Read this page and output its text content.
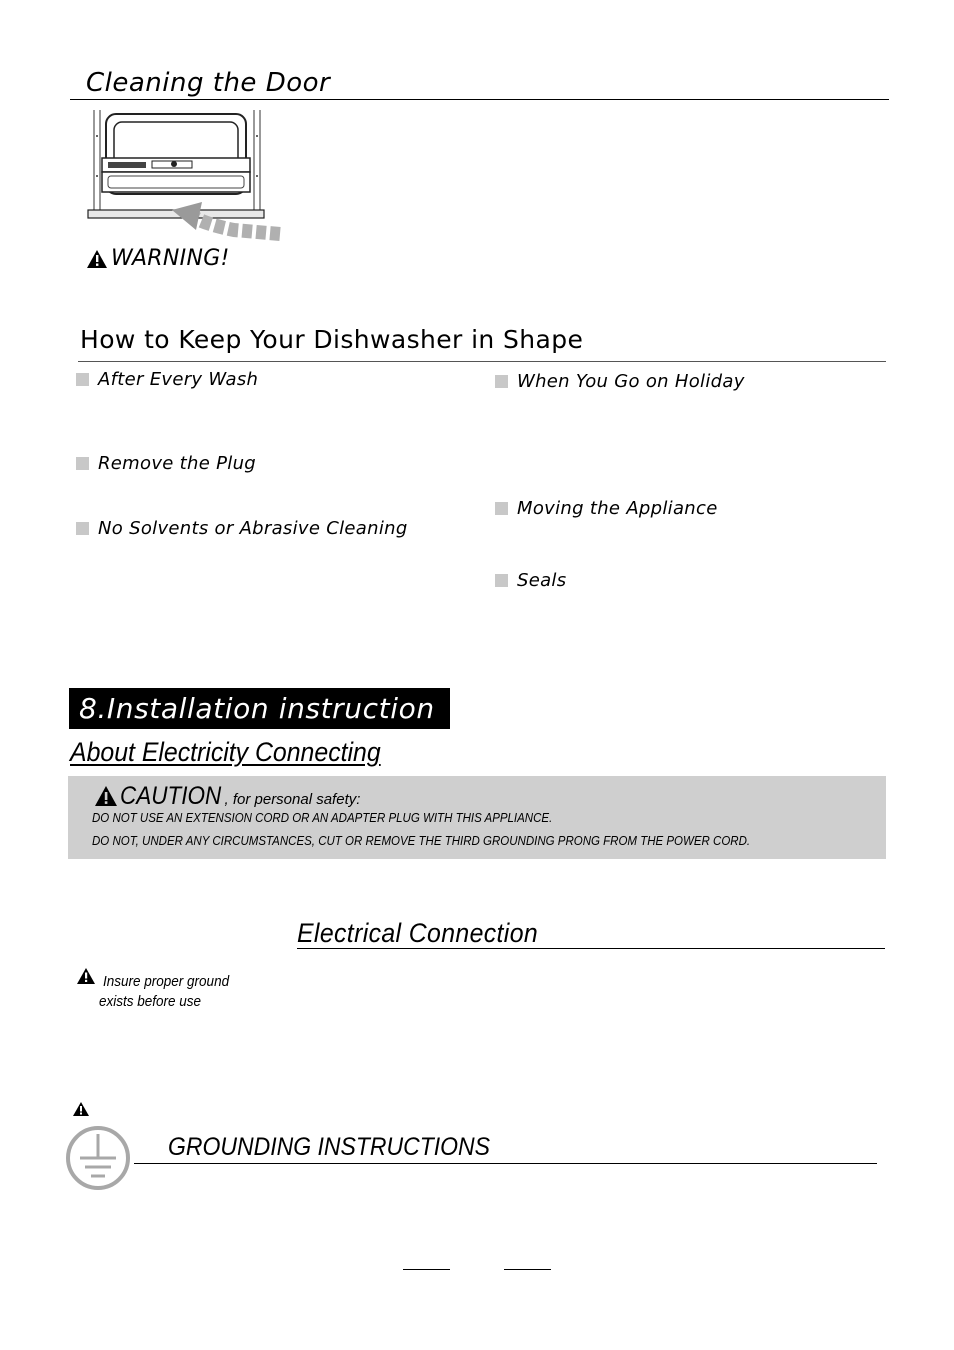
Cleaning the Door
WARNING!
How to Keep Your Dishwasher in Shape
After Every Wash
Remove the Plug
No Solvents or Abrasive Cleaning
When You Go on Holiday
Moving the Appliance
Seals
8.Installation instruction
About Electricity Connecting
CAUTION , for personal safety:
DO NOT USE AN EXTENSION CORD OR AN ADAPTER PLUG WITH THIS APPLIANCE.
DO NOT, UNDER ANY CIRCUMSTANCES, CUT OR REMOVE THE THIRD GROUNDING PRONG FROM THE POWER CORD.
Electrical Connection
Insure proper ground
exists before use
GROUNDING INSTRUCTIONS
